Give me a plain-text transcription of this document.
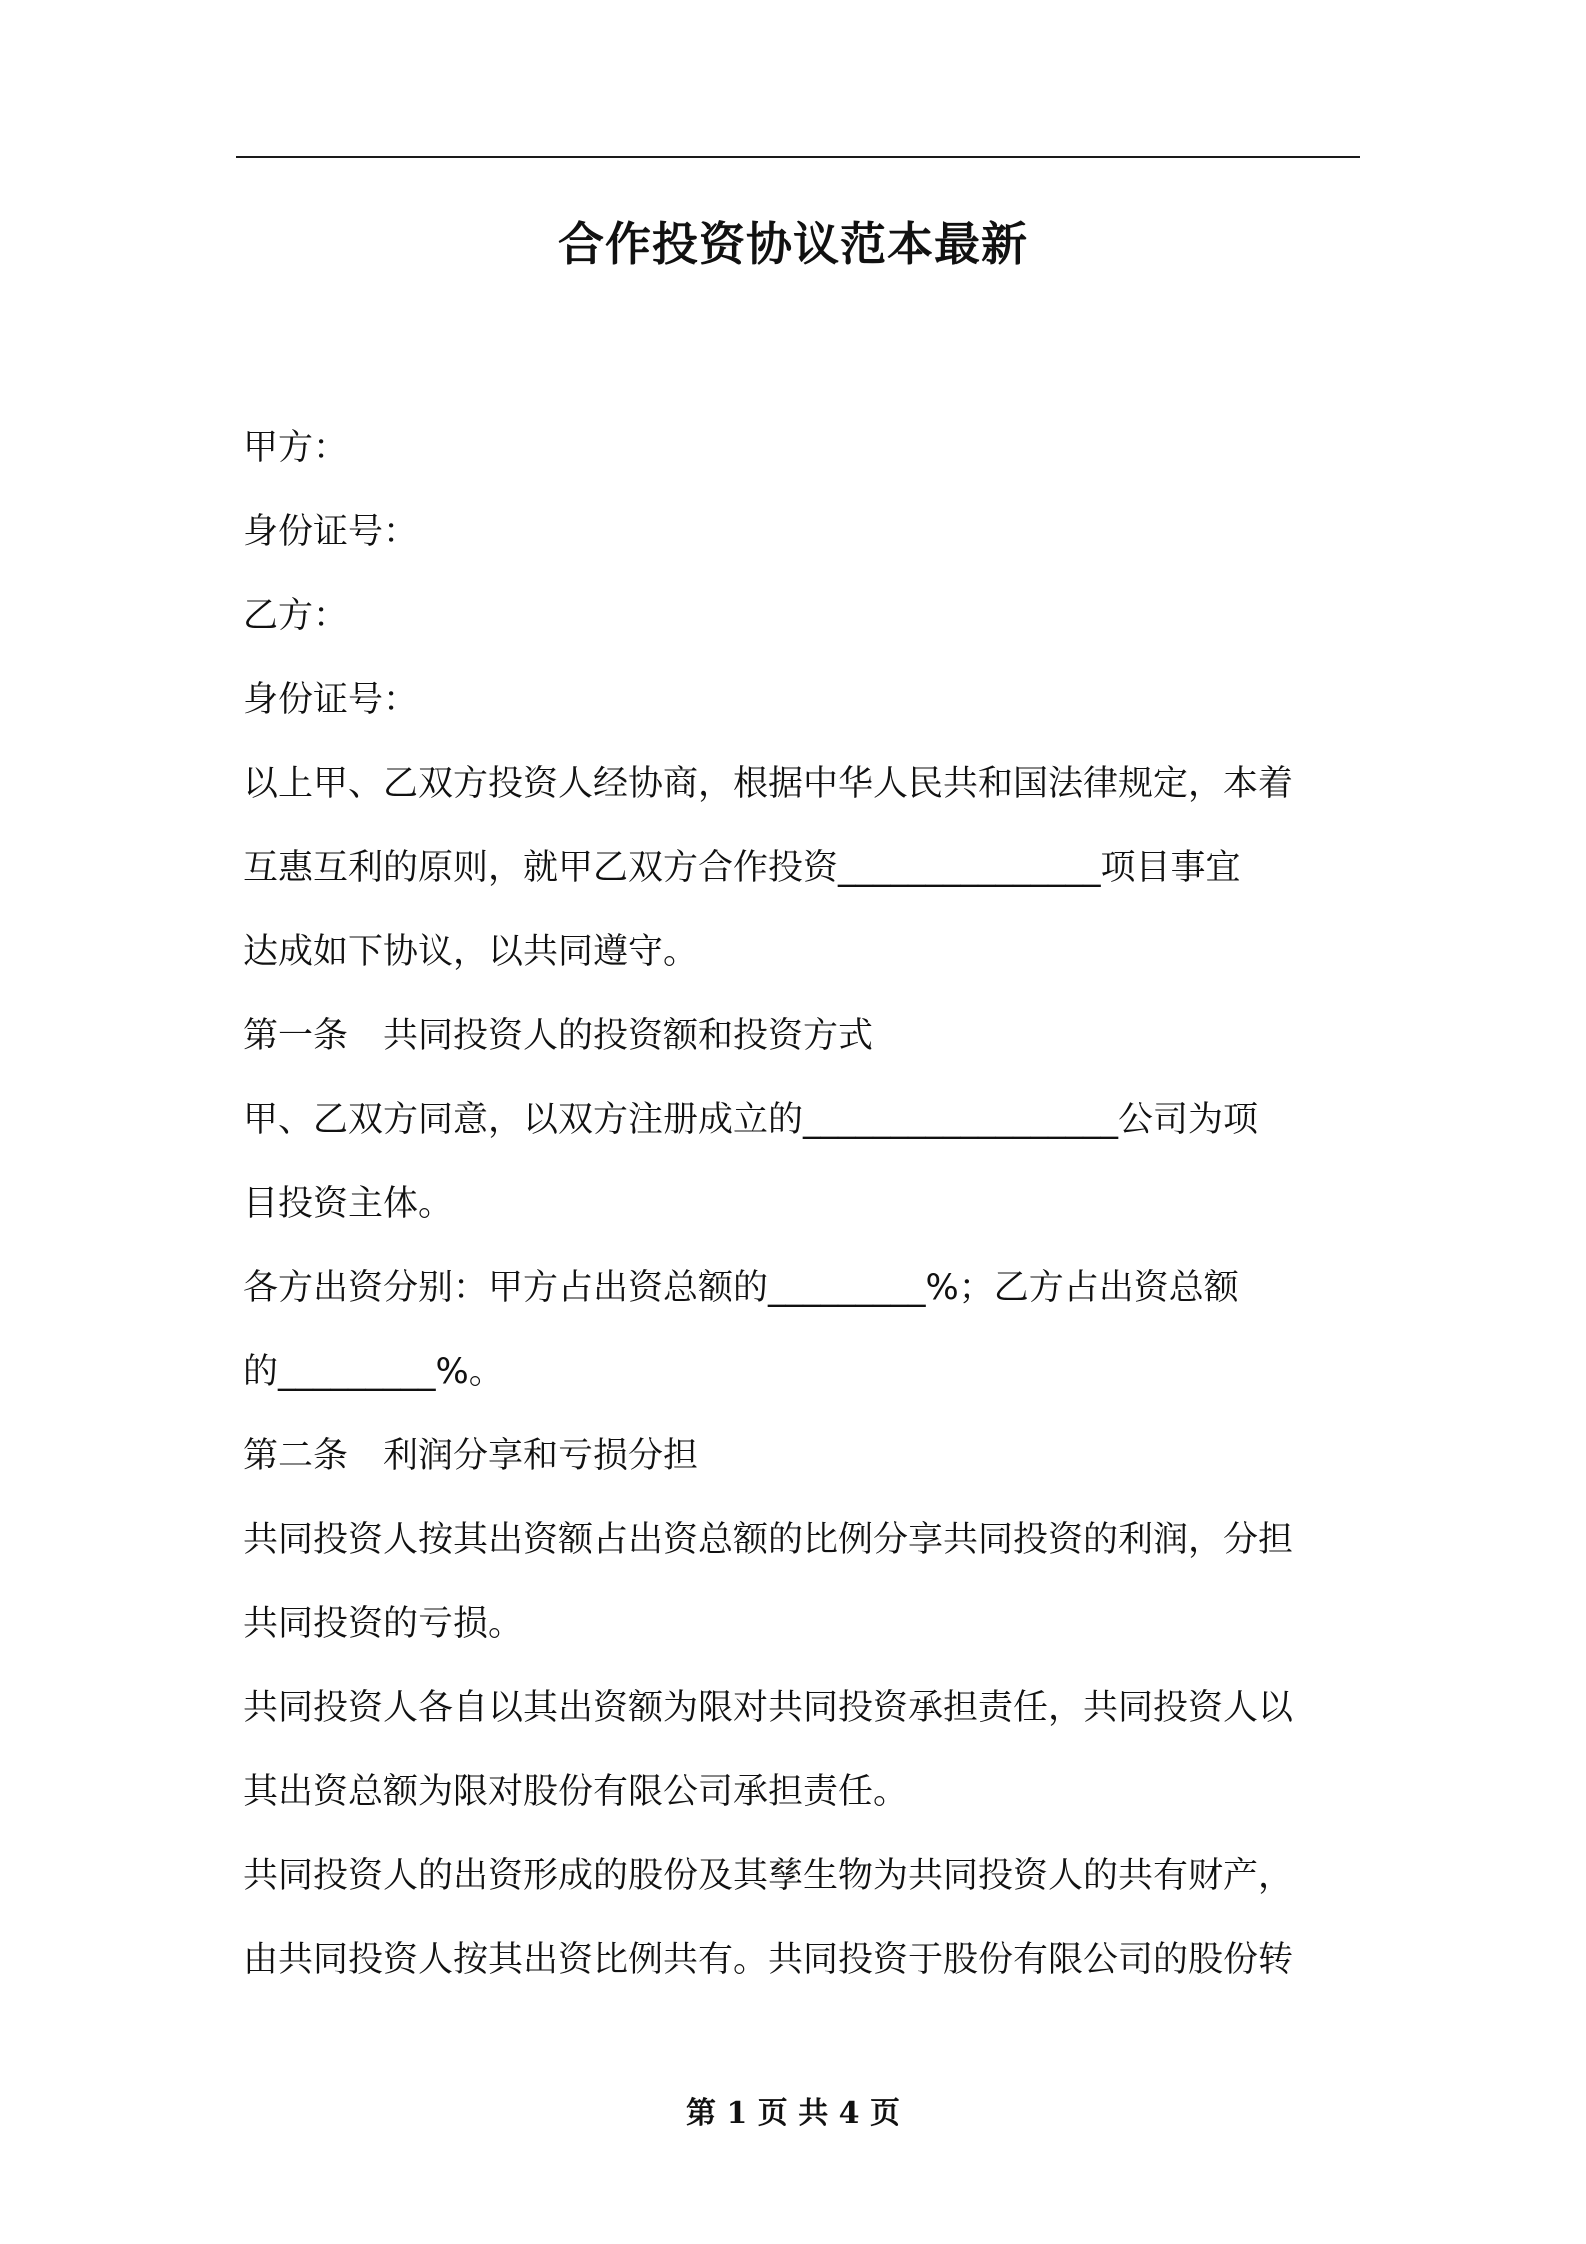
合作投资协议范本最新

甲方：

身份证号：

乙方：

身份证号：

以上甲、乙双方投资人经协商，根据中华人民共和国法律规定，本着

互惠互利的原则，就甲乙双方合作投资_______________项目事宜

达成如下协议，以共同遵守。

第一条　共同投资人的投资额和投资方式

甲、乙双方同意，以双方注册成立的__________________公司为项

目投资主体。

各方出资分别：甲方占出资总额的_________%；乙方占出资总额

的_________%。

第二条　利润分享和亏损分担

共同投资人按其出资额占出资总额的比例分享共同投资的利润，分担

共同投资的亏损。

共同投资人各自以其出资额为限对共同投资承担责任，共同投资人以

其出资总额为限对股份有限公司承担责任。

共同投资人的出资形成的股份及其孳生物为共同投资人的共有财产，

由共同投资人按其出资比例共有。共同投资于股份有限公司的股份转

第 1 页 共 4 页
